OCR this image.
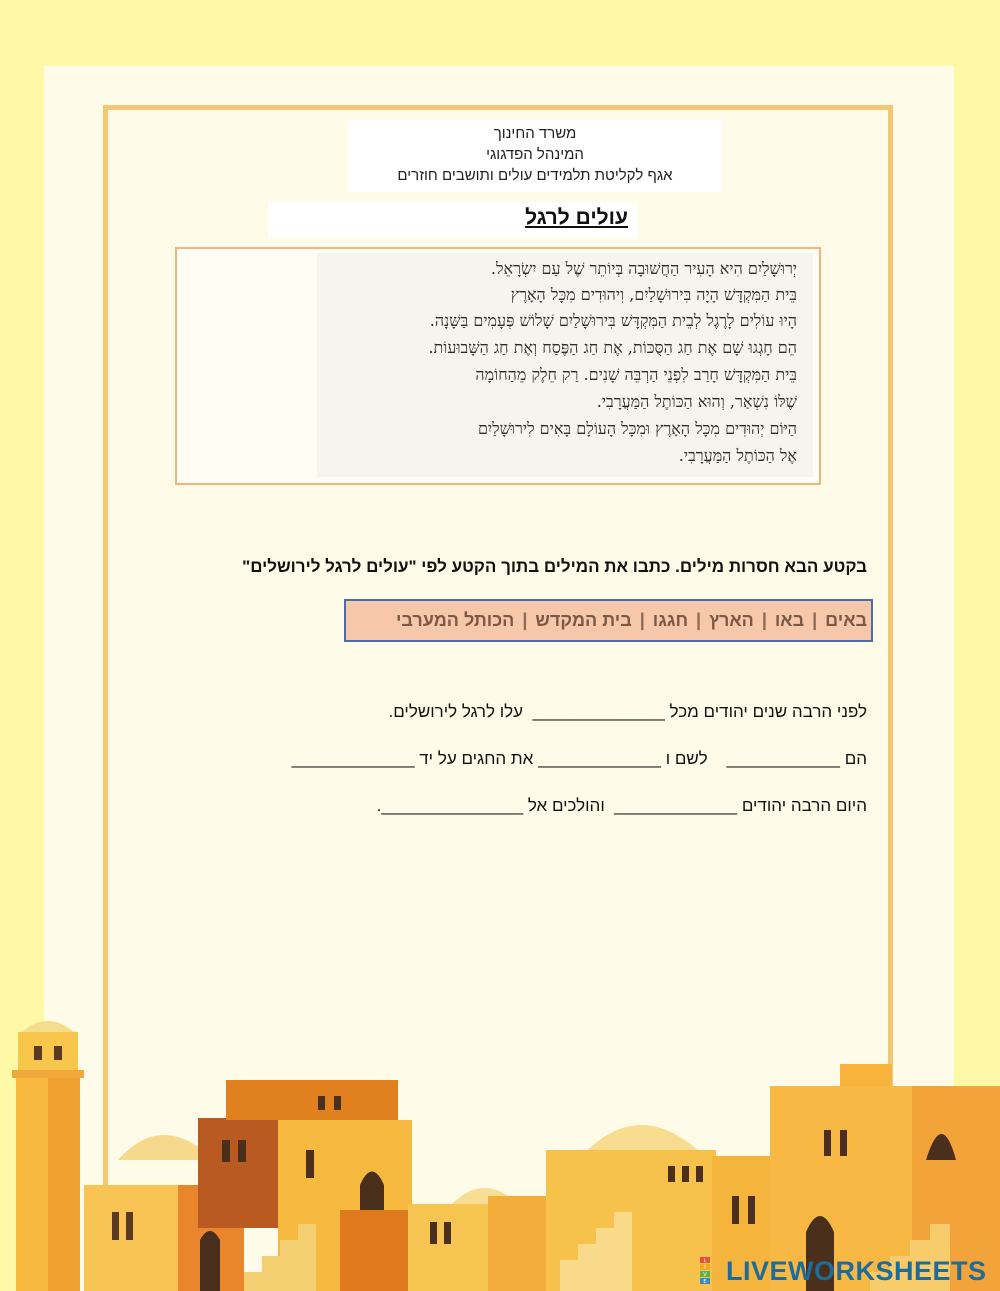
משרד החינוך
המינהל הפדגוגי
אגף לקליטת תלמידים עולים ותושבים חוזרים
עולים לרגל
יְרוּשָׁלַיִם הִיא הָעִיר הַחֲשׁוּבָה בְּיוֹתֵר שֶׁל עַם יִשְׂרָאֵל.
בֵּית הַמִּקְדָּשׁ הָיָה בִּירוּשָׁלַיִם, וִיהוּדִים מִכָּל הָאָרֶץ
הָיוּ עוֹלִים לָרֶגֶל לְבֵית הַמִּקְדָּשׁ בִּירוּשָׁלַיִם שָׁלוֹשׁ פְּעָמִים בַּשָּׁנָה.
הֵם חָגְגוּ שָׁם אֶת חַג הַסֻּכּוֹת, אֶת חַג הַפֶּסַח וְאֶת חַג הַשָּׁבוּעוֹת.
בֵּית הַמִּקְדָּשׁ חָרַב לִפְנֵי הַרְבֵּה שָׁנִים. רַק חֵלֶק מֵהַחוֹמָה
שֶׁלּוֹ נִשְׁאַר, וְהוּא הַכּוֹתֶל הַמַּעֲרָבִי.
הַיּוֹם יְהוּדִים מִכָּל הָאָרֶץ וּמִכָּל הָעוֹלָם בָּאִים לִירוּשָׁלַיִם
אֶל הַכּוֹתֶל הַמַּעֲרָבִי.
בקטע הבא חסרות מילים. כתבו את המילים בתוך הקטע לפי "עולים לרגל לירושלים"
באים
|
באו
|
הארץ
|
חגגו
|
בית המקדש
|
הכותל המערבי
לפני הרבה שנים יהודים מכל ______________  עלו לרגל לירושלים.
הם ____________    לשם ו _____________ את החגים על יד _____________
היום הרבה יהודים _____________  והולכים אל _______________.
L
I
V
E LIVEWORKSHEETS
